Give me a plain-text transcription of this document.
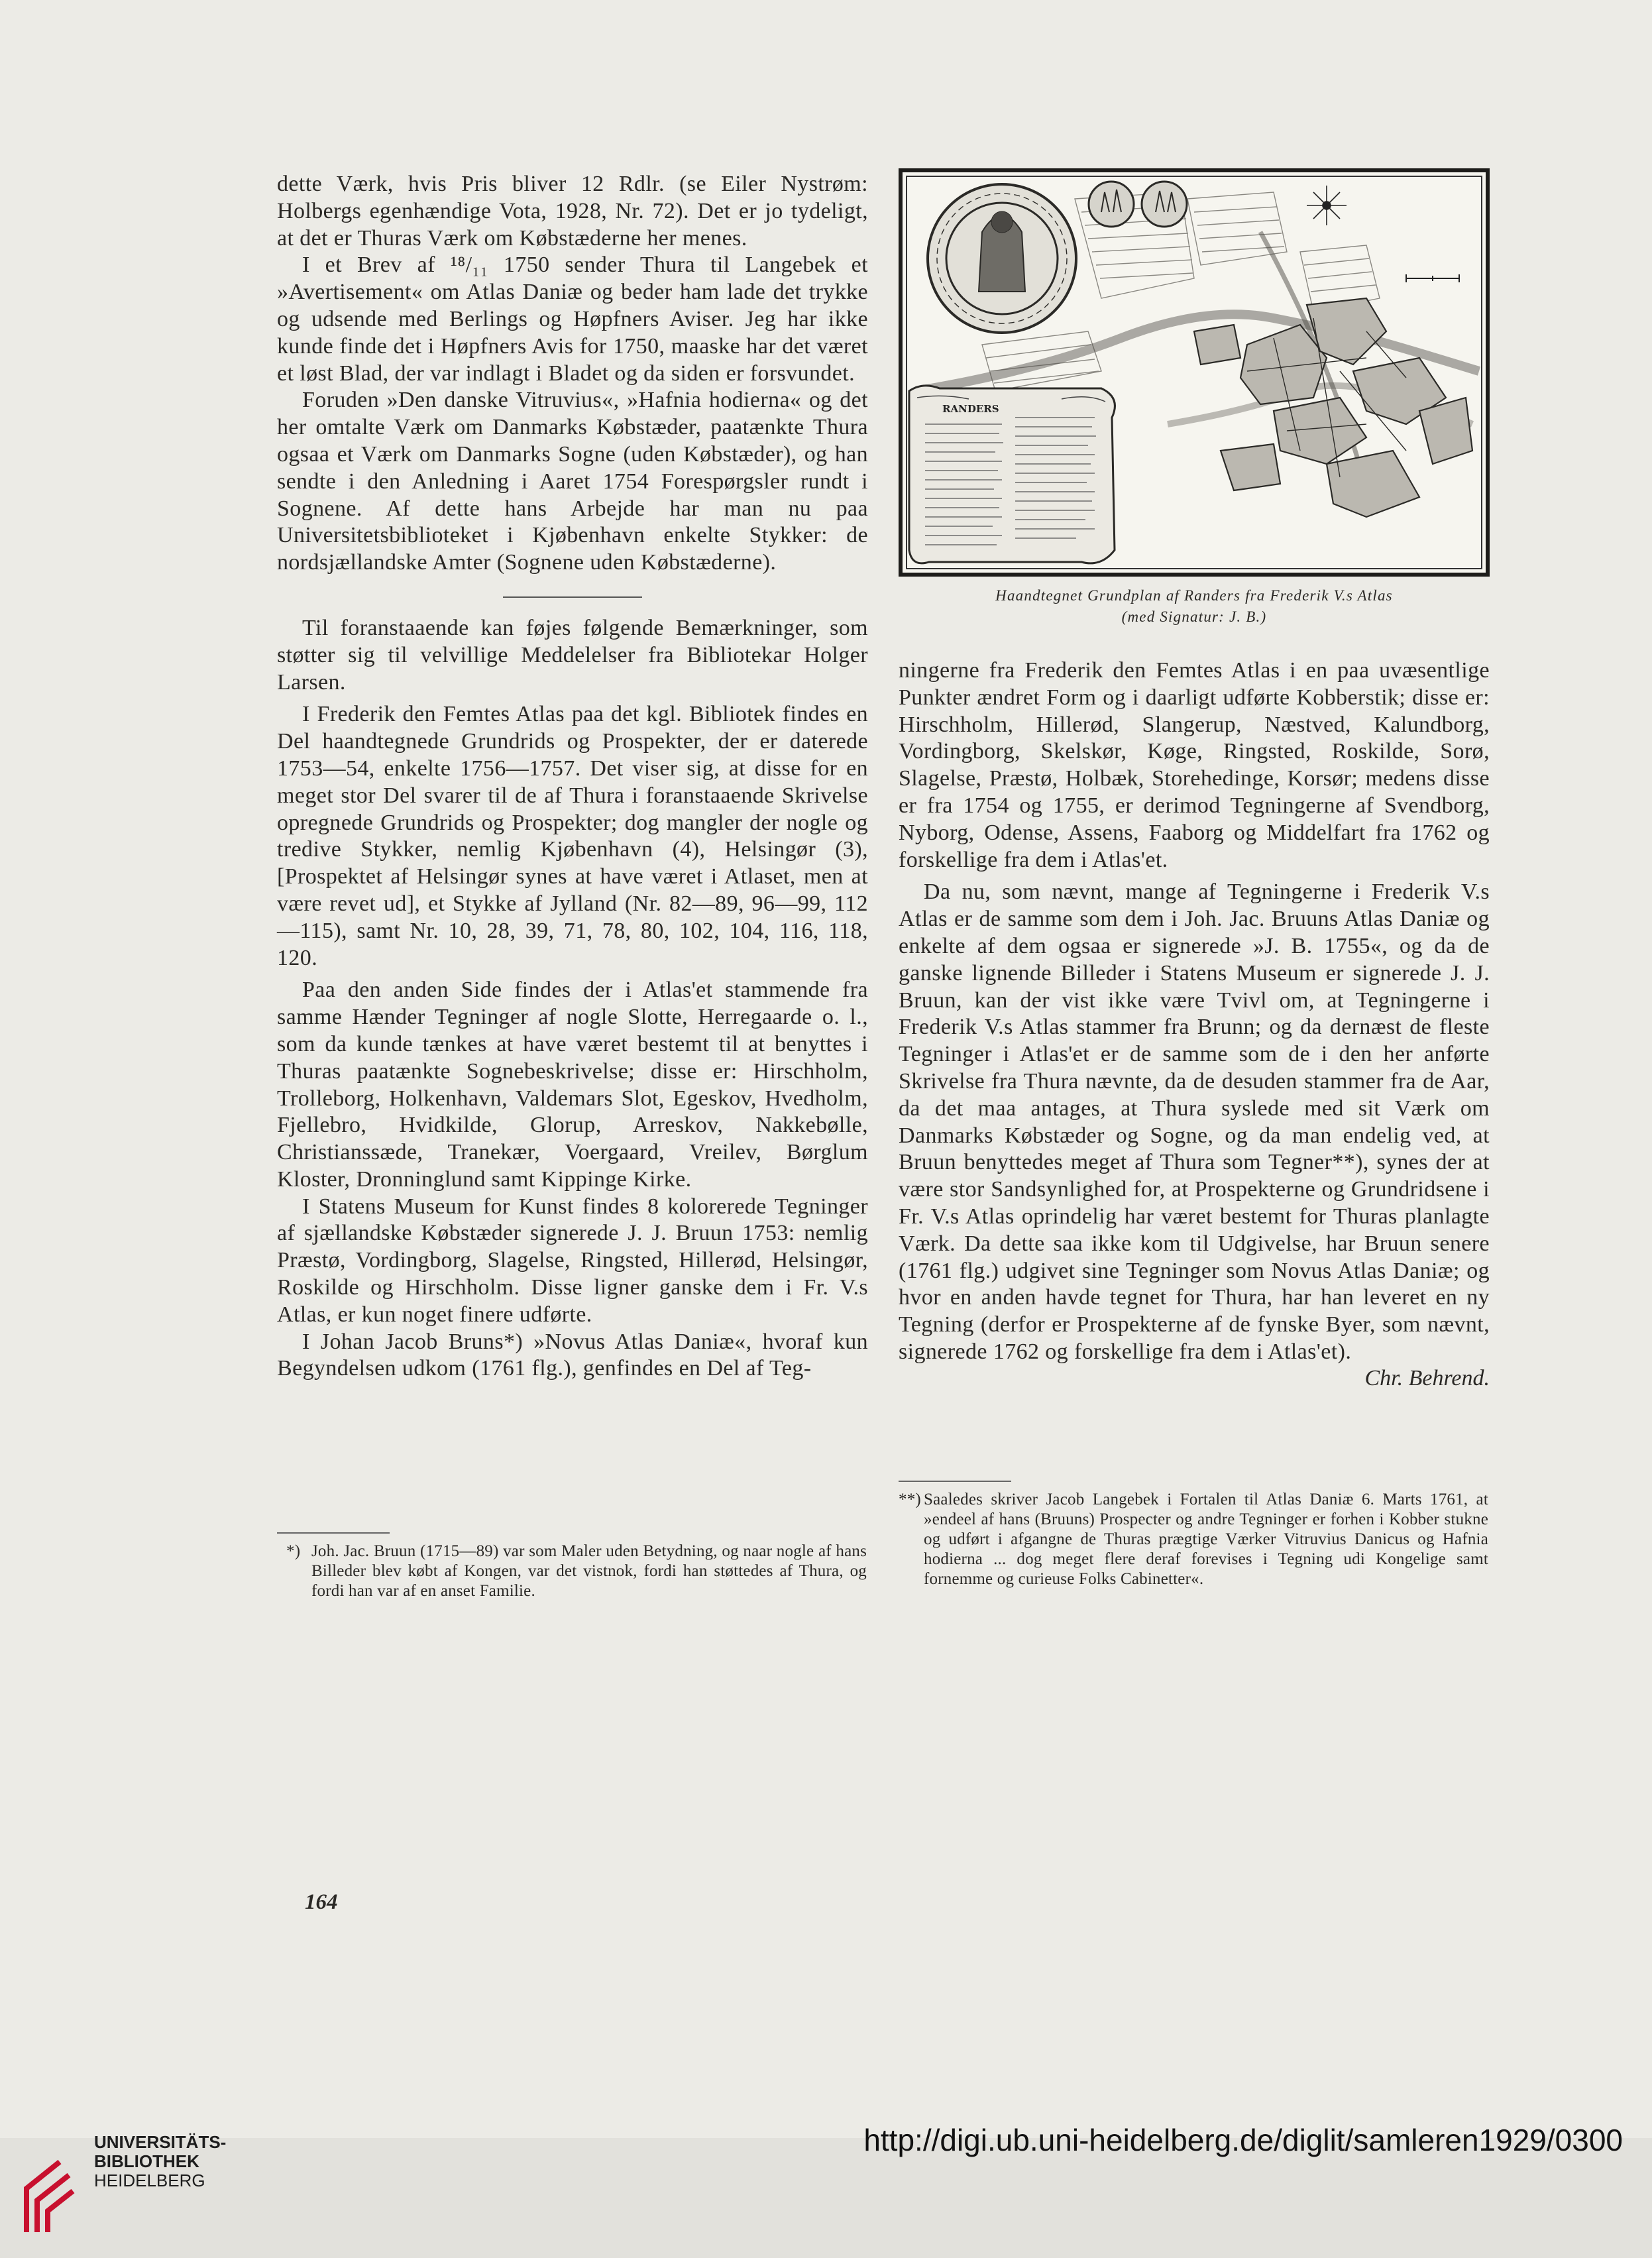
dette Værk, hvis Pris bliver 12 Rdlr. (se Eiler Nystrøm: Holbergs egenhændige Vota, 1928, Nr. 72). Det er jo tydeligt, at det er Thuras Værk om Købstæderne her menes.

I et Brev af ¹⁸/₁₁ 1750 sender Thura til Langebek et »Avertisement« om Atlas Daniæ og beder ham lade det trykke og udsende med Berlings og Høpfners Aviser. Jeg har ikke kunde finde det i Høpfners Avis for 1750, maaske har det været et løst Blad, der var indlagt i Bladet og da siden er forsvundet.

Foruden »Den danske Vitruvius«, »Hafnia hodierna« og det her omtalte Værk om Danmarks Købstæder, paatænkte Thura ogsaa et Værk om Danmarks Sogne (uden Købstæder), og han sendte i den Anledning i Aaret 1754 Forespørgsler rundt i Sognene. Af dette hans Arbejde har man nu paa Universitetsbiblioteket i Kjøbenhavn enkelte Stykker: de nordsjællandske Amter (Sognene uden Købstæderne).

Til foranstaaende kan føjes følgende Bemærkninger, som støtter sig til velvillige Meddelelser fra Bibliotekar Holger Larsen.

I Frederik den Femtes Atlas paa det kgl. Bibliotek findes en Del haandtegnede Grundrids og Prospekter, der er daterede 1753—54, enkelte 1756—1757. Det viser sig, at disse for en meget stor Del svarer til de af Thura i foranstaaende Skrivelse opregnede Grundrids og Prospekter; dog mangler der nogle og tredive Stykker, nemlig Kjøbenhavn (4), Helsingør (3), [Prospektet af Helsingør synes at have været i Atlaset, men at være revet ud], et Stykke af Jylland (Nr. 82—89, 96—99, 112—115), samt Nr. 10, 28, 39, 71, 78, 80, 102, 104, 116, 118, 120.

Paa den anden Side findes der i Atlas'et stammende fra samme Hænder Tegninger af nogle Slotte, Herregaarde o. l., som da kunde tænkes at have været bestemt til at benyttes i Thuras paatænkte Sognebeskrivelse; disse er: Hirschholm, Trolleborg, Holkenhavn, Valdemars Slot, Egeskov, Hvedholm, Fjellebro, Hvidkilde, Glorup, Arreskov, Nakkebølle, Christianssæde, Tranekær, Voergaard, Vreilev, Børglum Kloster, Dronninglund samt Kippinge Kirke.

I Statens Museum for Kunst findes 8 kolorerede Tegninger af sjællandske Købstæder signerede J. J. Bruun 1753: nemlig Præstø, Vordingborg, Slagelse, Ringsted, Hillerød, Helsingør, Roskilde og Hirschholm. Disse ligner ganske dem i Fr. V.s Atlas, er kun noget finere udførte.

I Johan Jacob Bruns*) »Novus Atlas Daniæ«, hvoraf kun Begyndelsen udkom (1761 flg.), genfindes en Del af Teg-

*) Joh. Jac. Bruun (1715—89) var som Maler uden Betydning, og naar nogle af hans Billeder blev købt af Kongen, var det vistnok, fordi han støttedes af Thura, og fordi han var af en anset Familie.
RANDERS
Haandtegnet Grundplan af Randers fra Frederik V.s Atlas
(med Signatur: J. B.)

ningerne fra Frederik den Femtes Atlas i en paa uvæsentlige Punkter ændret Form og i daarligt udførte Kobberstik; disse er: Hirschholm, Hillerød, Slangerup, Næstved, Kalundborg, Vordingborg, Skelskør, Køge, Ringsted, Roskilde, Sorø, Slagelse, Præstø, Holbæk, Storehedinge, Korsør; medens disse er fra 1754 og 1755, er derimod Tegningerne af Svendborg, Nyborg, Odense, Assens, Faaborg og Middelfart fra 1762 og forskellige fra dem i Atlas'et.

Da nu, som nævnt, mange af Tegningerne i Frederik V.s Atlas er de samme som dem i Joh. Jac. Bruuns Atlas Daniæ og enkelte af dem ogsaa er signerede »J. B. 1755«, og da de ganske lignende Billeder i Statens Museum er signerede J. J. Bruun, kan der vist ikke være Tvivl om, at Tegningerne i Frederik V.s Atlas stammer fra Brunn; og da dernæst de fleste Tegninger i Atlas'et er de samme som de i den her anførte Skrivelse fra Thura nævnte, da de desuden stammer fra de Aar, da det maa antages, at Thura syslede med sit Værk om Danmarks Købstæder og Sogne, og da man endelig ved, at Bruun benyttedes meget af Thura som Tegner**), synes der at være stor Sandsynlighed for, at Prospekterne og Grundridsene i Fr. V.s Atlas oprindelig har været bestemt for Thuras planlagte Værk. Da dette saa ikke kom til Udgivelse, har Bruun senere (1761 flg.) udgivet sine Tegninger som Novus Atlas Daniæ; og hvor en anden havde tegnet for Thura, har han leveret en ny Tegning (derfor er Prospekterne af de fynske Byer, som nævnt, signerede 1762 og forskellige fra dem i Atlas'et).

Chr. Behrend.
**) Saaledes skriver Jacob Langebek i Fortalen til Atlas Daniæ 6. Marts 1761, at »endeel af hans (Bruuns) Prospecter og andre Tegninger er forhen i Kobber stukne og udført i afgangne de Thuras prægtige Værker Vitruvius Danicus og Hafnia hodierna ... dog meget flere deraf forevises i Tegning udi Kongelige samt fornemme og curieuse Folks Cabinetter«.
164
UNIVERSITÄTS-
BIBLIOTHEK
HEIDELBERG
http://digi.ub.uni-heidelberg.de/diglit/samleren1929/0300
